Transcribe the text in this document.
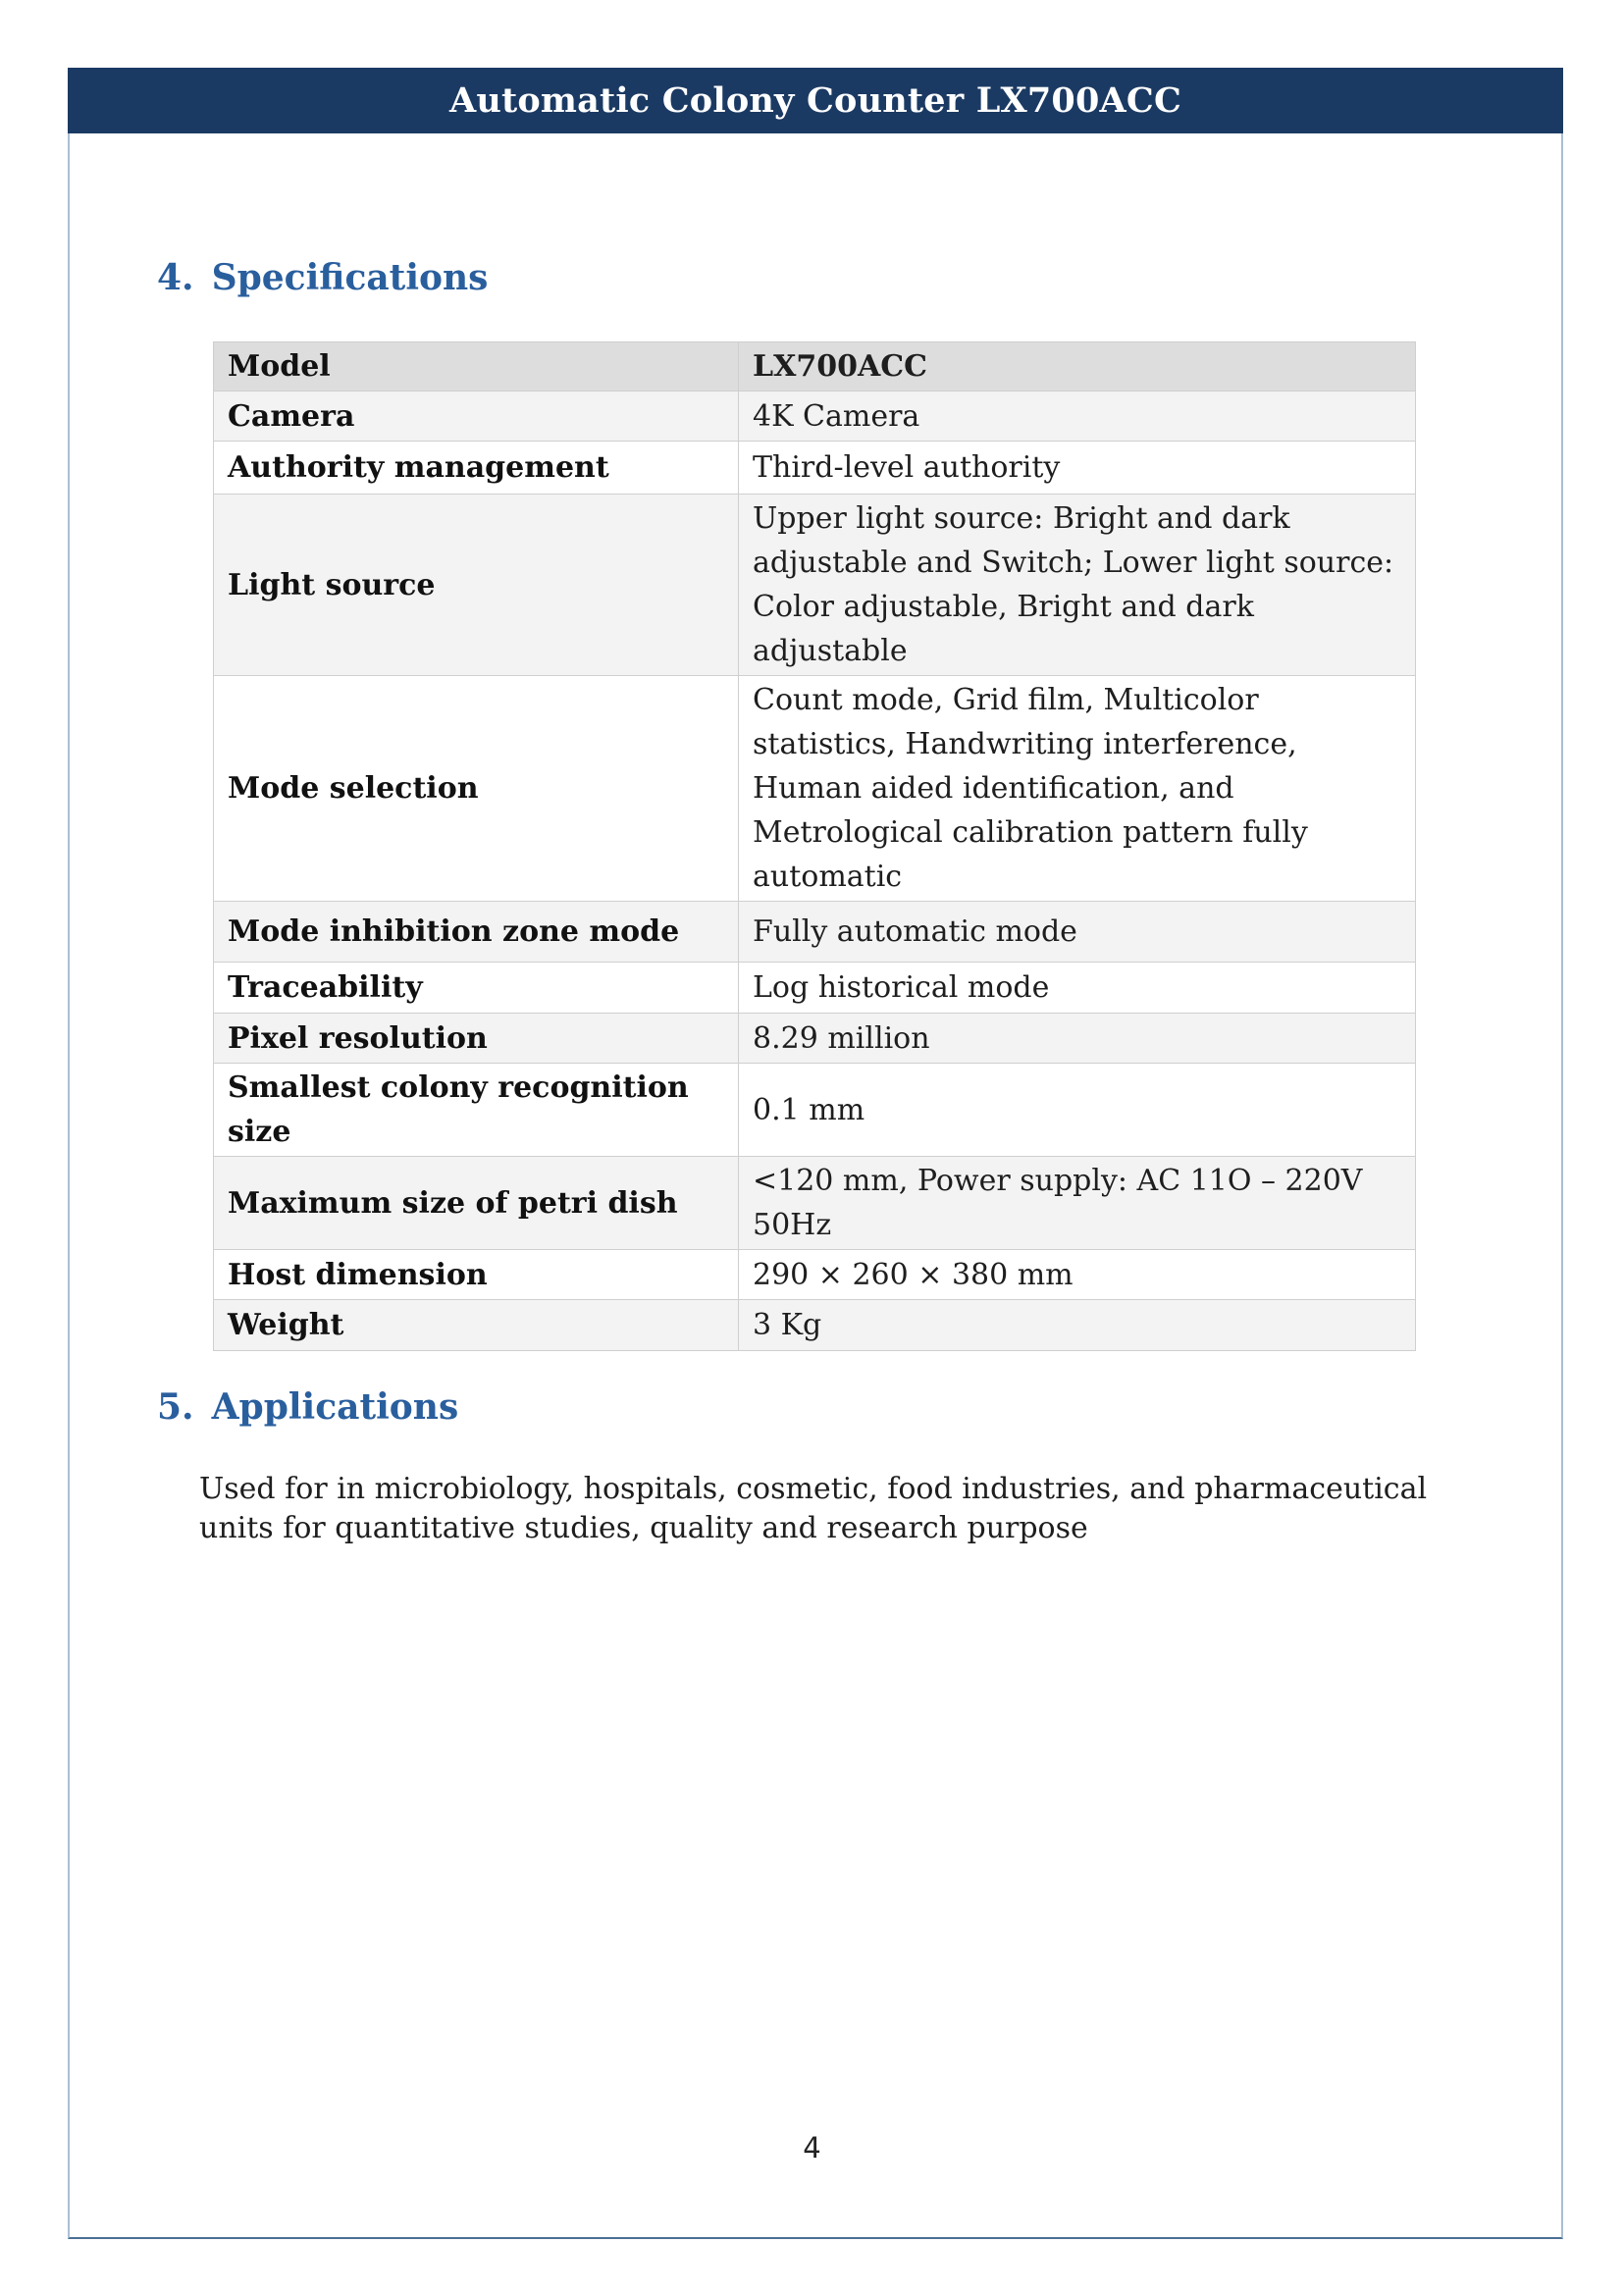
Automatic Colony Counter LX700ACC
4. Specifications
Model	LX700ACC
Camera	4K Camera
Authority management	Third-level authority
Light source	Upper light source: Bright and dark adjustable and Switch; Lower light source: Color adjustable, Bright and dark adjustable
Mode selection	Count mode, Grid film, Multicolor statistics, Handwriting interference, Human aided identification, and Metrological calibration pattern fully automatic
Mode inhibition zone mode	Fully automatic mode
Traceability	Log historical mode
Pixel resolution	8.29 million
Smallest colony recognition size	0.1 mm
Maximum size of petri dish	<120 mm, Power supply: AC 11O – 220V 50Hz
Host dimension	290 × 260 × 380 mm
Weight	3 Kg
5. Applications

Used for in microbiology, hospitals, cosmetic, food industries, and pharmaceutical units for quantitative studies, quality and research purpose

4
